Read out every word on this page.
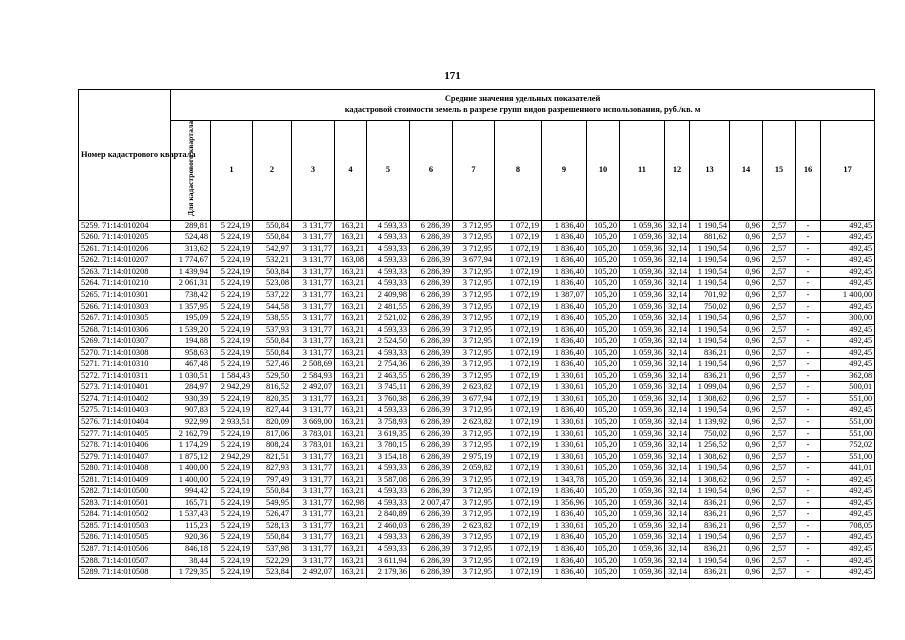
171
Номер кадастрового квартала	Средние значения удельных показателей
кадастровой стоимости земель в разрезе групп видов разрешенного использования, руб./кв. м																	

	Для кадастрового квартала	1	2	3	4	5	6	7	8	9	10	11	12	13	14	15	16	17
5259. 71:14:010204	289,81	5 224,19	550,84	3 131,77	163,21	4 593,33	6 286,39	3 712,95	1 072,19	1 836,40	105,20	1 059,36	32,14	1 190,54	0,96	2,57	-	492,45
5260. 71:14:010205	524,48	5 224,19	550,84	3 131,77	163,21	4 593,33	6 286,39	3 712,95	1 072,19	1 836,40	105,20	1 059,36	32,14	881,62	0,96	2,57	-	492,45
5261. 71:14:010206	313,62	5 224,19	542,97	3 131,77	163,21	4 593,33	6 286,39	3 712,95	1 072,19	1 836,40	105,20	1 059,36	32,14	1 190,54	0,96	2,57	-	492,45
5262. 71:14:010207	1 774,67	5 224,19	532,21	3 131,77	163,08	4 593,33	6 286,39	3 677,94	1 072,19	1 836,40	105,20	1 059,36	32,14	1 190,54	0,96	2,57	-	492,45
5263. 71:14:010208	1 439,94	5 224,19	503,84	3 131,77	163,21	4 593,33	6 286,39	3 712,95	1 072,19	1 836,40	105,20	1 059,36	32,14	1 190,54	0,96	2,57	-	492,45
5264. 71:14:010210	2 061,31	5 224,19	523,08	3 131,77	163,21	4 593,33	6 286,39	3 712,95	1 072,19	1 836,40	105,20	1 059,36	32,14	1 190,54	0,96	2,57	-	492,45
5265. 71:14:010301	738,42	5 224,19	537,22	3 131,77	163,21	2 409,98	6 286,39	3 712,95	1 072,19	1 387,07	105,20	1 059,36	32,14	701,92	0,96	2,57	-	1 400,00
5266. 71:14:010303	1 357,95	5 224,19	544,58	3 131,77	163,21	2 481,55	6 286,39	3 712,95	1 072,19	1 836,40	105,20	1 059,36	32,14	750,02	0,96	2,57	-	492,45
5267. 71:14:010305	195,09	5 224,19	538,55	3 131,77	163,21	2 521,02	6 286,39	3 712,95	1 072,19	1 836,40	105,20	1 059,36	32,14	1 190,54	0,96	2,57	-	300,00
5268. 71:14:010306	1 539,20	5 224,19	537,93	3 131,77	163,21	4 593,33	6 286,39	3 712,95	1 072,19	1 836,40	105,20	1 059,36	32,14	1 190,54	0,96	2,57	-	492,45
5269. 71:14:010307	194,88	5 224,19	550,84	3 131,77	163,21	2 524,50	6 286,39	3 712,95	1 072,19	1 836,40	105,20	1 059,36	32,14	1 190,54	0,96	2,57	-	492,45
5270. 71:14:010308	958,63	5 224,19	550,84	3 131,77	163,21	4 593,33	6 286,39	3 712,95	1 072,19	1 836,40	105,20	1 059,36	32,14	836,21	0,96	2,57	-	492,45
5271. 71:14:010310	467,48	5 224,19	527,46	2 508,69	163,21	2 754,36	6 286,39	3 712,95	1 072,19	1 836,40	105,20	1 059,36	32,14	1 190,54	0,96	2,57	-	492,45
5272. 71:14:010311	1 030,51	1 584,43	529,50	2 584,93	163,21	2 463,55	6 286,39	3 712,95	1 072,19	1 330,61	105,20	1 059,36	32,14	836,21	0,96	2,57	-	362,08
5273. 71:14:010401	284,97	2 942,29	816,52	2 492,07	163,21	3 745,11	6 286,39	2 623,82	1 072,19	1 330,61	105,20	1 059,36	32,14	1 099,04	0,96	2,57	-	500,01
5274. 71:14:010402	930,39	5 224,19	820,35	3 131,77	163,21	3 760,38	6 286,39	3 677,94	1 072,19	1 330,61	105,20	1 059,36	32,14	1 308,62	0,96	2,57	-	551,00
5275. 71:14:010403	907,83	5 224,19	827,44	3 131,77	163,21	4 593,33	6 286,39	3 712,95	1 072,19	1 836,40	105,20	1 059,36	32,14	1 190,54	0,96	2,57	-	492,45
5276. 71:14:010404	922,99	2 933,51	820,09	3 669,00	163,21	3 758,93	6 286,39	2 623,82	1 072,19	1 330,61	105,20	1 059,36	32,14	1 139,92	0,96	2,57	-	551,00
5277. 71:14:010405	2 162,79	5 224,19	817,06	3 783,01	163,21	3 619,35	6 286,39	3 712,95	1 072,19	1 330,61	105,20	1 059,36	32,14	750,02	0,96	2,57	-	551,00
5278. 71:14:010406	1 174,29	5 224,19	808,24	3 783,01	163,21	3 780,15	6 286,39	3 712,95	1 072,19	1 330,61	105,20	1 059,36	32,14	1 256,52	0,96	2,57	-	752,02
5279. 71:14:010407	1 875,12	2 942,29	821,51	3 131,77	163,21	3 154,18	6 286,39	2 975,19	1 072,19	1 330,61	105,20	1 059,36	32,14	1 308,62	0,96	2,57	-	551,00
5280. 71:14:010408	1 400,00	5 224,19	827,93	3 131,77	163,21	4 593,33	6 286,39	2 059,82	1 072,19	1 330,61	105,20	1 059,36	32,14	1 190,54	0,96	2,57	-	441,01
5281. 71:14:010409	1 400,00	5 224,19	797,49	3 131,77	163,21	3 587,08	6 286,39	3 712,95	1 072,19	1 343,78	105,20	1 059,36	32,14	1 308,62	0,96	2,57	-	492,45
5282. 71:14:010500	994,42	5 224,19	550,84	3 131,77	163,21	4 593,33	6 286,39	3 712,95	1 072,19	1 836,40	105,20	1 059,36	32,14	1 190,54	0,96	2,57	-	492,45
5283. 71:14:010501	165,71	5 224,19	549,95	3 131,77	162,98	4 593,33	2 007,47	3 712,95	1 072,19	1 356,96	105,20	1 059,36	32,14	836,21	0,96	2,57	-	492,45
5284. 71:14:010502	1 537,43	5 224,19	526,47	3 131,77	163,21	2 840,89	6 286,39	3 712,95	1 072,19	1 836,40	105,20	1 059,36	32,14	836,21	0,96	2,57	-	492,45
5285. 71:14:010503	115,23	5 224,19	528,13	3 131,77	163,21	2 460,03	6 286,39	2 623,82	1 072,19	1 330,61	105,20	1 059,36	32,14	836,21	0,96	2,57	-	708,05
5286. 71:14:010505	920,36	5 224,19	550,84	3 131,77	163,21	4 593,33	6 286,39	3 712,95	1 072,19	1 836,40	105,20	1 059,36	32,14	1 190,54	0,96	2,57	-	492,45
5287. 71:14:010506	846,18	5 224,19	537,98	3 131,77	163,21	4 593,33	6 286,39	3 712,95	1 072,19	1 836,40	105,20	1 059,36	32,14	836,21	0,96	2,57	-	492,45
5288. 71:14:010507	38,44	5 224,19	522,29	3 131,77	163,21	3 611,94	6 286,39	3 712,95	1 072,19	1 836,40	105,20	1 059,36	32,14	1 190,54	0,96	2,57	-	492,45
5289. 71:14:010508	1 729,35	5 224,19	523,84	2 492,07	163,21	2 179,36	6 286,39	3 712,95	1 072,19	1 836,40	105,20	1 059,36	32,14	836,21	0,96	2,57	-	492,45
